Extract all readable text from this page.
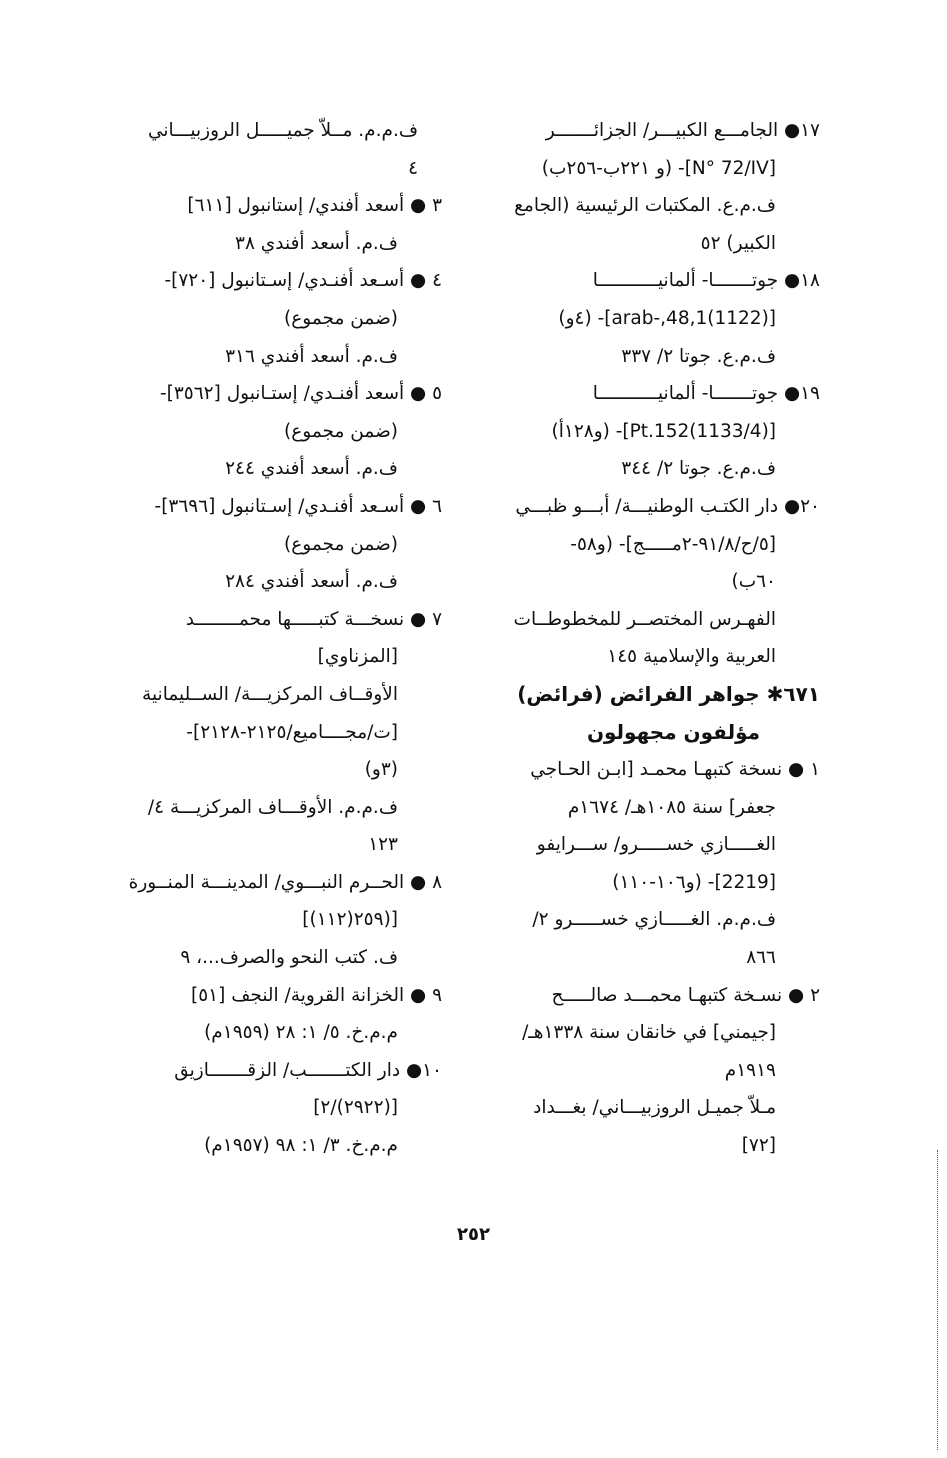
١٧● الجامـــع الكبيـــر/ الجزائـــــــر
[N° 72/IV]- (و ٢٢١ب-٢٥٦ب)
ف.م.ع. المكتبات الرئيسية (الجامع
الكبير) ٥٢
١٨● جوتـــــــا- ألمانيـــــــــــا
[(1122)arab-,48,1]- (٤و)
ف.م.ع. جوتا ٢/ ٣٣٧
١٩● جوتـــــــا- ألمانيـــــــــــا
[(1133/4)Pt.152]- (و١٢٨أ)
ف.م.ع. جوتا ٢/ ٣٤٤
٢٠● دار الكتـب الوطنيـــة/ أبـــو ظبـــي
[٥/ح/٩١/٨-٢مـــــج]- (و٥٨-
٦٠ب)
الفهـرس المختصــر للمخطوطــات
العربية والإسلامية ١٤٥
٦٧١✱ جواهر الفرائض (فرائض)
مؤلفون مجهولون
١ ● نسخة كتبهـا محمـد [ابـن الحـاجي
جعفر] سنة ١٠٨٥هـ/ ١٦٧٤م
الغـــــازي خســـــرو/ ســـرايفو
[2219]- (و١٠٦-١١٠)
ف.م.م. الغـــــازي خســـــرو ٢/
٨٦٦
٢ ● نسـخة كتبهـا محمـــد صالـــــح
[جيمني] في خانقان سنة ١٣٣٨هـ/
١٩١٩م
مـلاّ جميـل الروزبيـــاني/ بغـــداد
[٧٢]
ف.م.م. مــلاّ جميـــــل الروزبيـــاني
٤
٣ ● أسعد أفندي/ إستانبول [٦١١]
ف.م. أسعد أفندي ٣٨
٤ ● أسـعد أفنـدي/ إسـتانبول [٧٢٠]-
(ضمن مجموع)
ف.م. أسعد أفندي ٣١٦
٥ ● أسعد أفنـدي/ إستـانبول [٣٥٦٢]-
(ضمن مجموع)
ف.م. أسعد أفندي ٢٤٤
٦ ● أسـعد أفنـدي/ إسـتانبول [٣٦٩٦]-
(ضمن مجموع)
ف.م. أسعد أفندي ٢٨٤
٧ ● نسخـــة كتبـــــها محمــــــــد
[المزناوي]
الأوقــاف المركزيـــة/ الســليمانية
[ت/مجــــاميع/٢١٢٥-٢١٢٨]-
(٣و)
ف.م.م. الأوقـــاف المركزيـــة ٤/
١٢٣
٨ ● الحــرم النبـــوي/ المدينـــة المنــورة
[(٢٥٩(١١٢)]
ف. كتب النحو والصرف...، ٩
٩ ● الخزانة القروية/ النجف [٥١]
م.م.خ. ٥/ ١: ٢٨ (١٩٥٩م)
١٠● دار الكتـــــــب/ الزقـــــــازيق
[(٢٩٢٢)/٢]
م.م.خ. ٣/ ١: ٩٨ (١٩٥٧م)
٢٥٢
